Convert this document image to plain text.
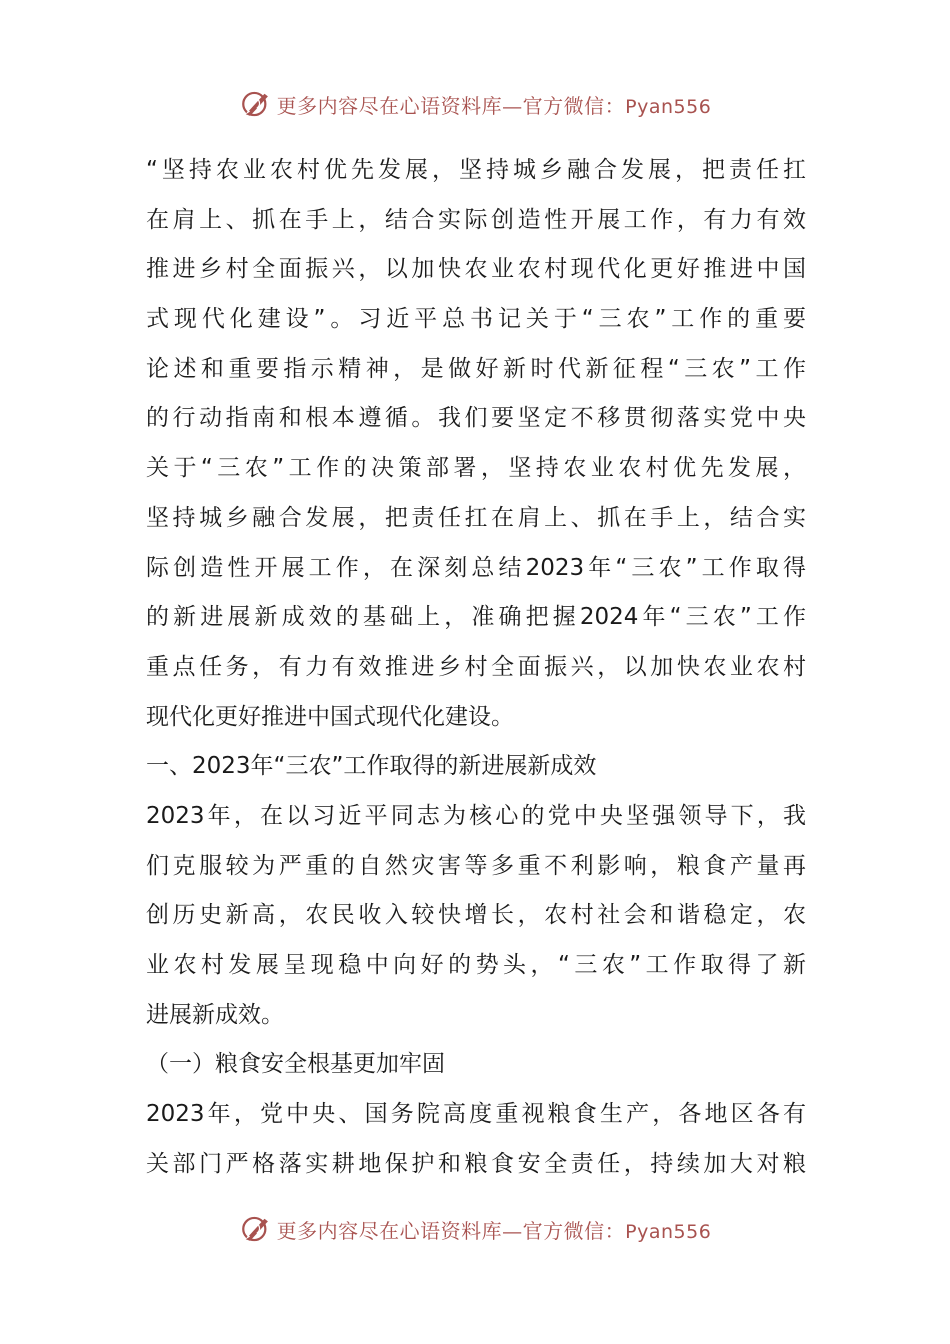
更多内容尽在心语资料库—官方微信：Pyan556
“坚持农业农村优先发展，坚持城乡融合发展，把责任扛
在肩上、抓在手上，结合实际创造性开展工作，有力有效
推进乡村全面振兴，以加快农业农村现代化更好推进中国
式现代化建设”。习近平总书记关于“三农”工作的重要
论述和重要指示精神，是做好新时代新征程“三农”工作
的行动指南和根本遵循。我们要坚定不移贯彻落实党中央
关于“三农”工作的决策部署，坚持农业农村优先发展，
坚持城乡融合发展，把责任扛在肩上、抓在手上，结合实
际创造性开展工作，在深刻总结2023年“三农”工作取得
的新进展新成效的基础上，准确把握2024年“三农”工作
重点任务，有力有效推进乡村全面振兴，以加快农业农村
现代化更好推进中国式现代化建设。
一、2023年“三农”工作取得的新进展新成效
2023年，在以习近平同志为核心的党中央坚强领导下，我
们克服较为严重的自然灾害等多重不利影响，粮食产量再
创历史新高，农民收入较快增长，农村社会和谐稳定，农
业农村发展呈现稳中向好的势头，“三农”工作取得了新
进展新成效。
（一）粮食安全根基更加牢固
2023年，党中央、国务院高度重视粮食生产，各地区各有
关部门严格落实耕地保护和粮食安全责任，持续加大对粮
更多内容尽在心语资料库—官方微信：Pyan556
